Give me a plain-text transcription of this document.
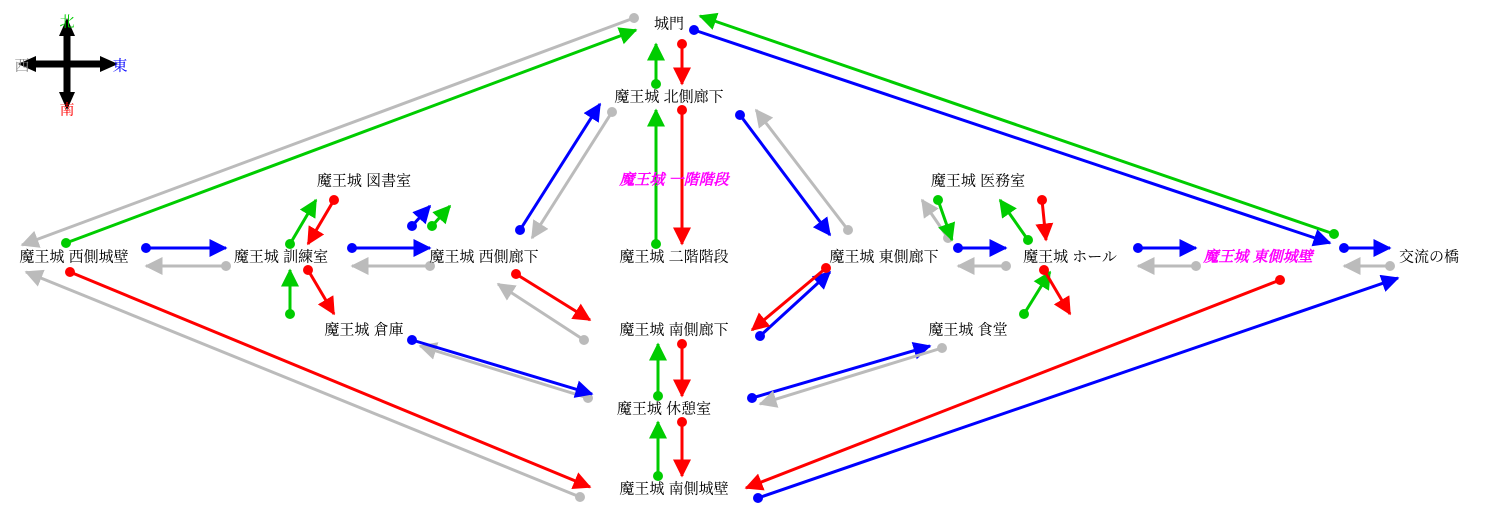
北
南
西	東
城門
魔王城 北側廊下
魔王城 一階階段
魔王城 図書室	魔王城 医務室
魔王城 二階階段
魔王城 西側城壁	魔王城 訓練室	魔王城 西側廊下	魔王城 東側廊下	魔王城 ホール	魔王城 東側城壁	交流の橋
魔王城 倉庫	魔王城 南側廊下	魔王城 食堂
魔王城 休憩室
魔王城 南側城壁
